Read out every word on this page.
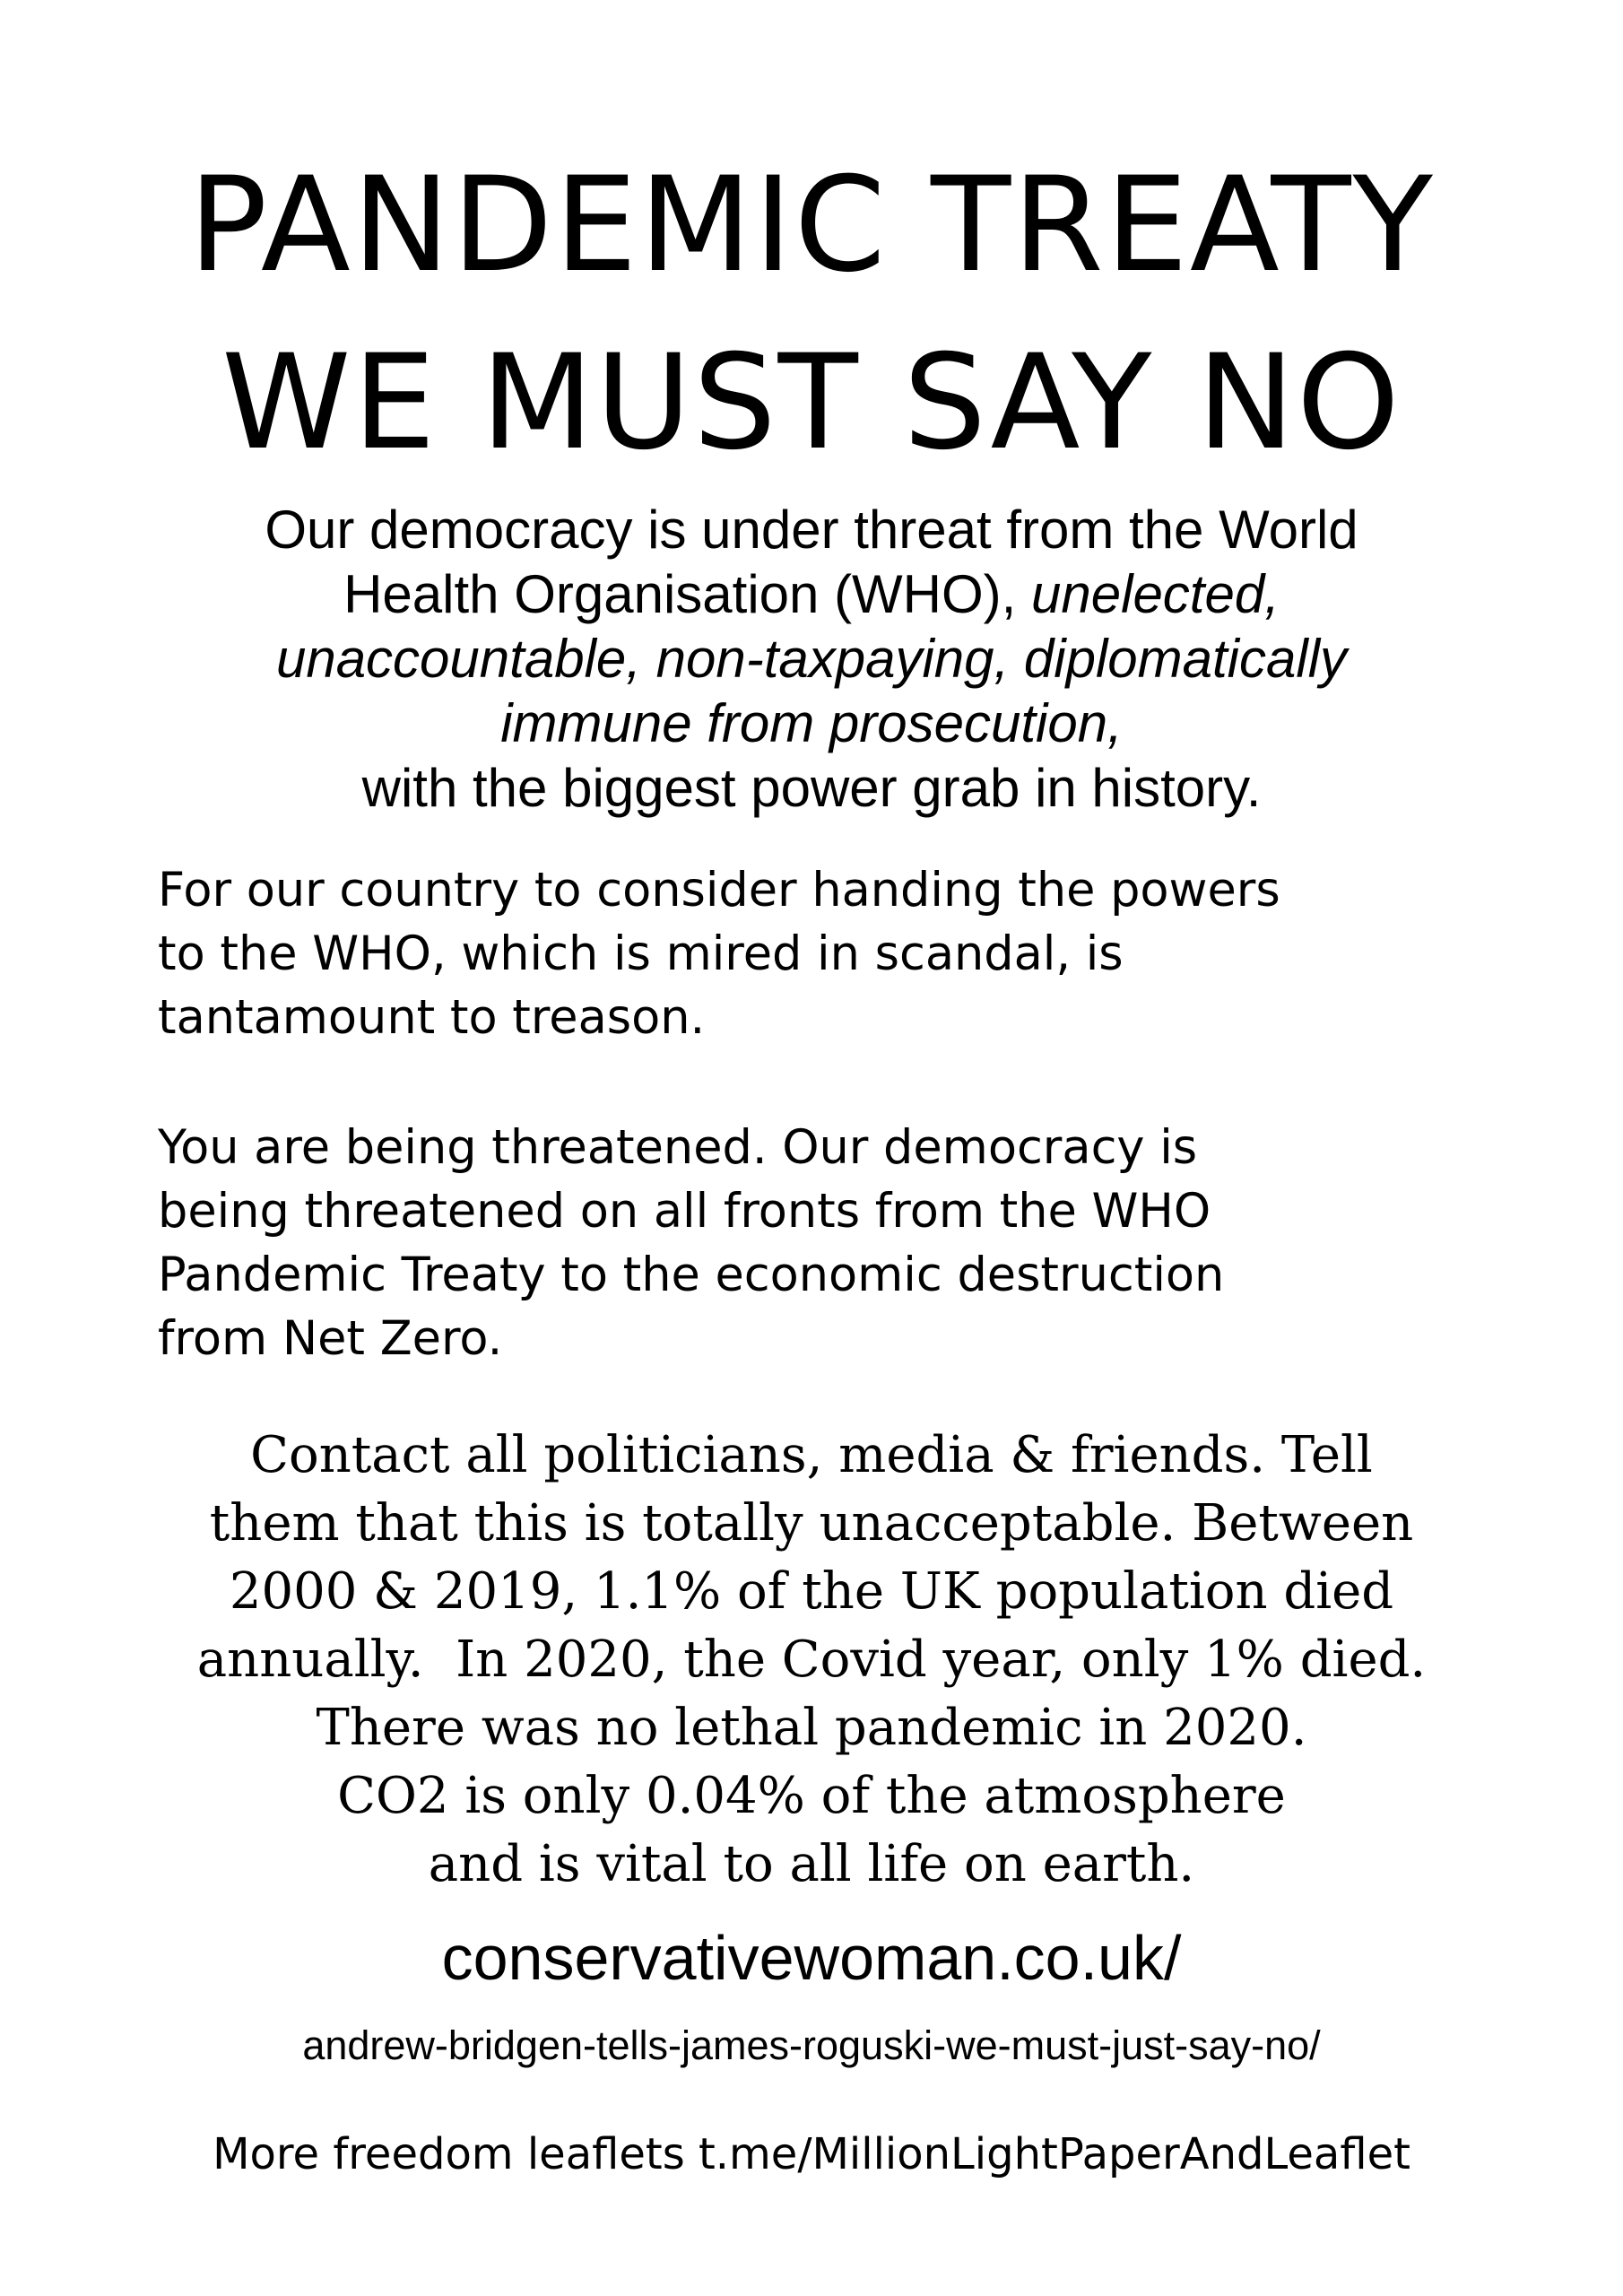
PANDEMIC TREATY
WE MUST SAY NO
Our democracy is under threat from the World
Health Organisation (WHO), unelected,
unaccountable, non-taxpaying, diplomatically
immune from prosecution,
with the biggest power grab in history.
For our country to consider handing the powers
to the WHO, which is mired in scandal, is
tantamount to treason.
You are being threatened. Our democracy is
being threatened on all fronts from the WHO
Pandemic Treaty to the economic destruction
from Net Zero.
Contact all politicians, media & friends. Tell
them that this is totally unacceptable. Between
2000 & 2019, 1.1% of the UK population died
annually.  In 2020, the Covid year, only 1% died.
There was no lethal pandemic in 2020.
CO2 is only 0.04% of the atmosphere
and is vital to all life on earth.
conservativewoman.co.uk/
andrew-bridgen-tells-james-roguski-we-must-just-say-no/
More freedom leaflets t.me/MillionLightPaperAndLeaflet
